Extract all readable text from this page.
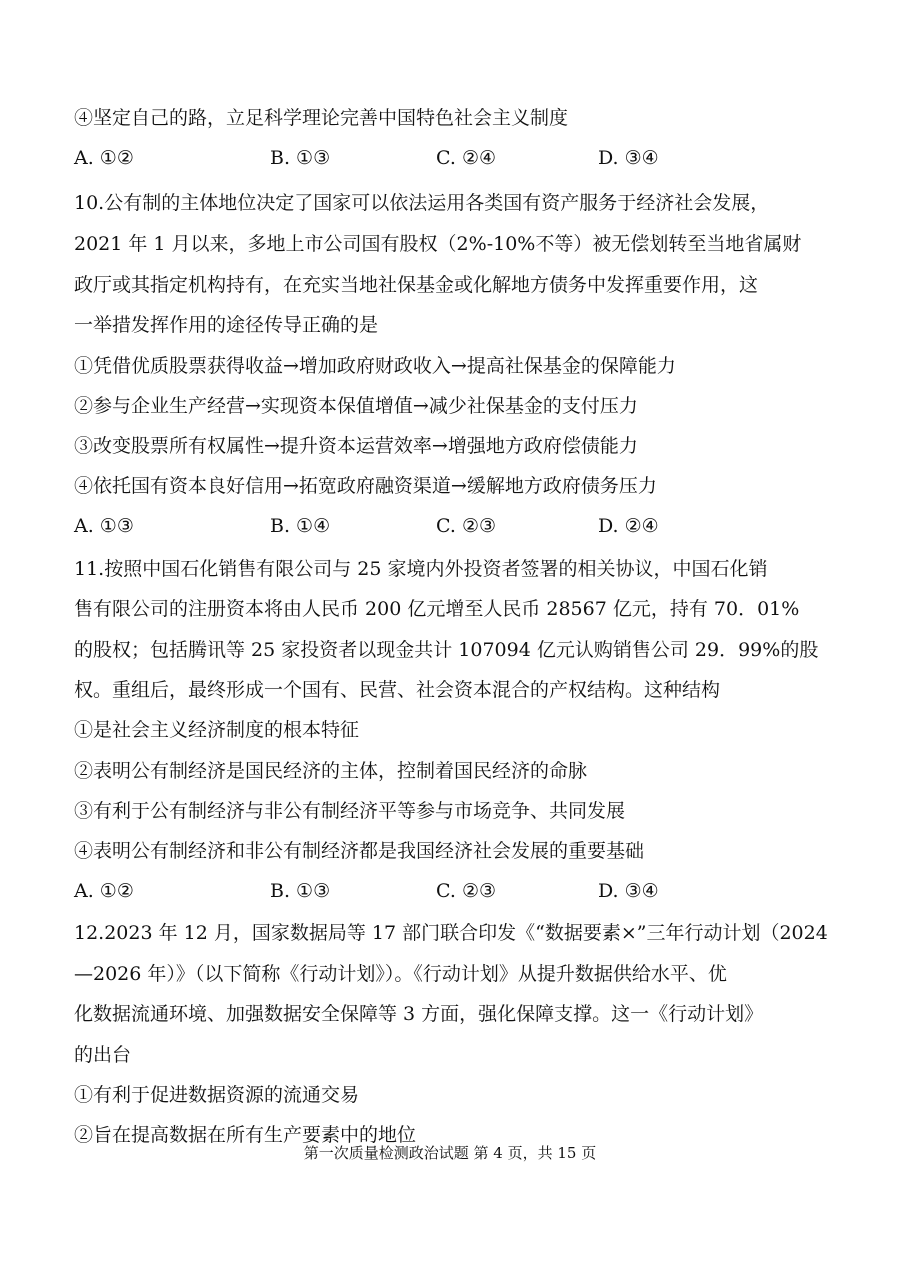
④坚定自己的路，立足科学理论完善中国特色社会主义制度
A. ①②	B. ①③	C. ②④	D. ③④
10.公有制的主体地位决定了国家可以依法运用各类国有资产服务于经济社会发展，
2021 年 1 月以来，多地上市公司国有股权（2%-10%不等）被无偿划转至当地省属财
政厅或其指定机构持有，在充实当地社保基金或化解地方债务中发挥重要作用，这
一举措发挥作用的途径传导正确的是
①凭借优质股票获得收益→增加政府财政收入→提高社保基金的保障能力
②参与企业生产经营→实现资本保值增值→减少社保基金的支付压力
③改变股票所有权属性→提升资本运营效率→增强地方政府偿债能力
④依托国有资本良好信用→拓宽政府融资渠道→缓解地方政府债务压力
A. ①③	B. ①④	C. ②③	D. ②④
11.按照中国石化销售有限公司与 25 家境内外投资者签署的相关协议，中国石化销
售有限公司的注册资本将由人民币 200 亿元增至人民币 28567 亿元，持有 70．01%
的股权；包括腾讯等 25 家投资者以现金共计 107094 亿元认购销售公司 29．99%的股
权。重组后，最终形成一个国有、民营、社会资本混合的产权结构。这种结构
①是社会主义经济制度的根本特征
②表明公有制经济是国民经济的主体，控制着国民经济的命脉
③有利于公有制经济与非公有制经济平等参与市场竞争、共同发展
④表明公有制经济和非公有制经济都是我国经济社会发展的重要基础
A. ①②	B. ①③	C. ②③	D. ③④
12.2023 年 12 月，国家数据局等 17 部门联合印发《“数据要素×”三年行动计划（2024
—2026 年）》（以下简称《行动计划》）。《行动计划》从提升数据供给水平、优
化数据流通环境、加强数据安全保障等 3 方面，强化保障支撑。这一《行动计划》
的出台
①有利于促进数据资源的流通交易
②旨在提高数据在所有生产要素中的地位
第一次质量检测政治试题 第 4 页，共 15 页
